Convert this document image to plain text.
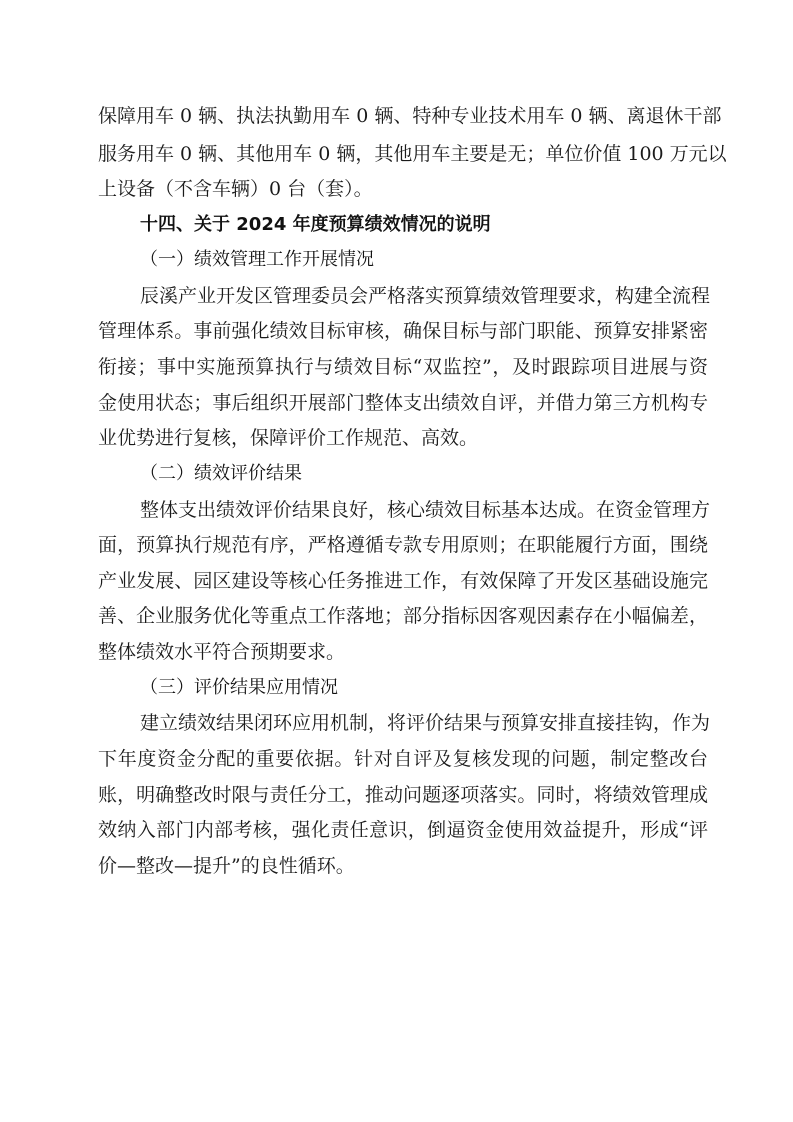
保障用车 0 辆、执法执勤用车 0 辆、特种专业技术用车 0 辆、离退休干部
服务用车 0 辆、其他用车 0 辆，其他用车主要是无；单位价值 100 万元以
上设备（不含车辆）0 台（套）。
十四、关于 2024 年度预算绩效情况的说明
（一）绩效管理工作开展情况
辰溪产业开发区管理委员会严格落实预算绩效管理要求，构建全流程
管理体系。事前强化绩效目标审核，确保目标与部门职能、预算安排紧密
衔接；事中实施预算执行与绩效目标“双监控”，及时跟踪项目进展与资
金使用状态；事后组织开展部门整体支出绩效自评，并借力第三方机构专
业优势进行复核，保障评价工作规范、高效。
（二）绩效评价结果
整体支出绩效评价结果良好，核心绩效目标基本达成。在资金管理方
面，预算执行规范有序，严格遵循专款专用原则；在职能履行方面，围绕
产业发展、园区建设等核心任务推进工作，有效保障了开发区基础设施完
善、企业服务优化等重点工作落地；部分指标因客观因素存在小幅偏差，
整体绩效水平符合预期要求。
（三）评价结果应用情况
建立绩效结果闭环应用机制，将评价结果与预算安排直接挂钩，作为
下年度资金分配的重要依据。针对自评及复核发现的问题，制定整改台
账，明确整改时限与责任分工，推动问题逐项落实。同时，将绩效管理成
效纳入部门内部考核，强化责任意识，倒逼资金使用效益提升，形成“评
价—整改—提升”的良性循环。
